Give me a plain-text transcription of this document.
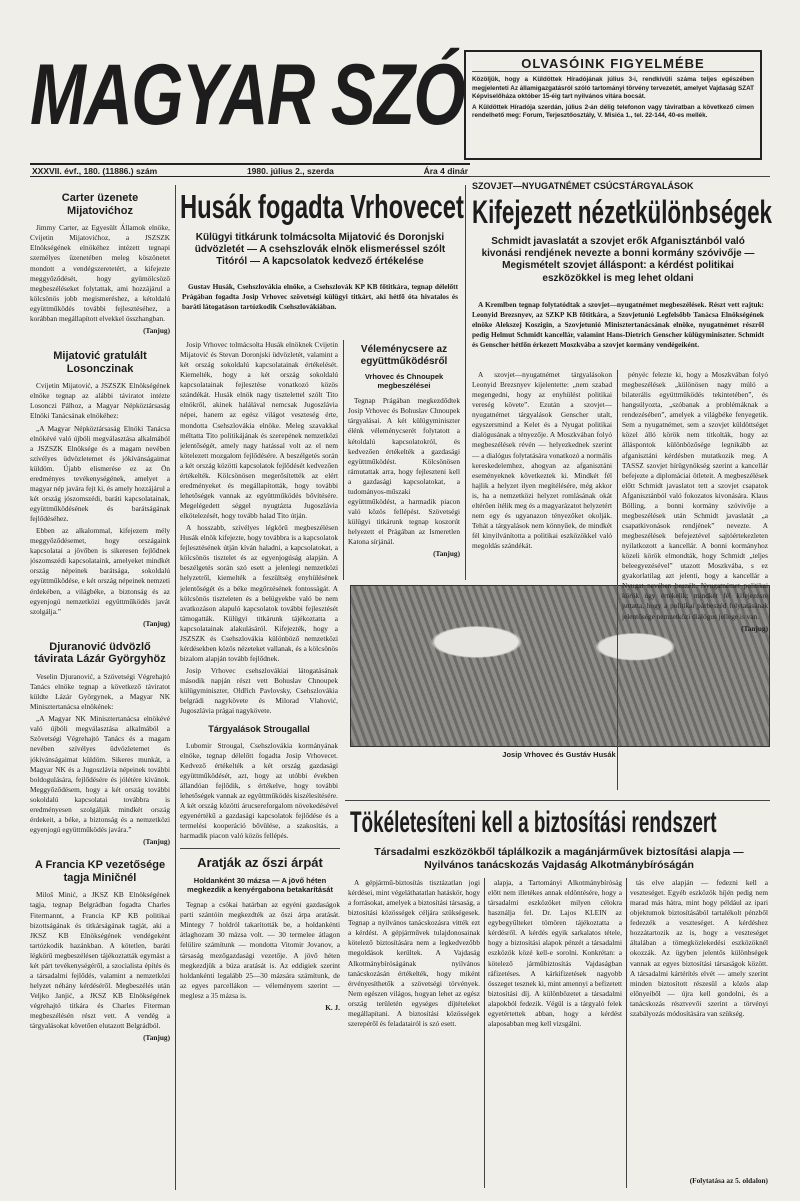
MAGYAR SZÓ	OLVASÓINK FIGYELMÉBE

Közöljük, hogy a Küldöttek Híradójának július 3-i, rendkívüli száma teljes egészében megjelenteti Az államigazgatásról szóló tartományi törvény tervezetét, amelyet Vajdaság SZAT Képviselőháza október 15-éig tart nyilvános vitára bocsát.

A Küldöttek Híradója szerdán, július 2-án délig telefonon vagy táviratban a következő címen rendelhető meg: Forum, Terjesztőosztály, V. Misića 1., tel. 22-144, 40-es mellék.

XXXVII. évf., 180. (11886.) szám	1980. július 2., szerda	Ára 4 dinár

Carter üzenete Mijatovićhoz

Jimmy Carter, az Egyesült Államok elnöke, Cvijetin Mijatovićhoz, a JSZSZK Elnökségének elnökéhez intézett tegnapi személyes üzenetében meleg köszönetet mondott a vendégszeretetért, a kifejezte meggyőződését, hogy gyümölcsöző megbeszéléseket folytattak, ami hozzájárul a kölcsönös jobb megismeréshez, a kétoldalú együttműködés további fejlesztéséhez, a korábban megállapított elvekkel összhangban.

(Tanjug)

Mijatović gratulált Losonczinak

Cvijetin Mijatović, a JSZSZK Elnökségének elnöke tegnap az alábbi táviratot intézte Losonczi Pálhoz, a Magyar Népköztársaság Elnöki Tanácsának elnökéhez:

„A Magyar Népköztársaság Elnöki Tanácsa elnökévé való újbóli megválasztása alkalmából a JSZSZK Elnöksége és a magam nevében szívélyes üdvözletemet és jókívánságaimat küldöm. Újabb elismerése ez az Ön eredményes tevékenységének, amelyet a magyar nép javára fejt ki, és amely hozzájárul a két ország jószomszédi, baráti kapcsolatainak, együttműködésének és barátságának fejlődéséhez.

Ebben az alkalommal, kifejezem mély meggyőződésemet, hogy országaink kapcsolatai a jövőben is sikeresen fejlődnek jószomszédi kapcsolataink, amelyeket mindkét ország népeinek barátsága, sokoldalú együttműködése, e két ország népeinek nemzeti érdekében, a világbéke, a biztonság és az egyenjogú nemzetközi együttműködés javát szolgálja.”

(Tanjug)

Djuranović üdvözlő távirata Lázár Györgyhöz

Veselin Djuranović, a Szövetségi Végrehajtó Tanács elnöke tegnap a következő táviratot küldte Lázár Györgynek, a Magyar NK Minisztertanácsa elnökének:

„A Magyar NK Minisztertanácsa elnökévé való újbóli megválasztása alkalmából a Szövetségi Végrehajtó Tanács és a magam nevében szívélyes üdvözletemet és jókívánságaimat küldöm. Sikeres munkát, a Magyar NK és a Jugoszlávia népeinek további boldogulására, fejlődésére és jólétére kívánok. Meggyőződésem, hogy a két ország további sokoldalú kapcsolatai továbbra is eredményesen szolgálják mindkét ország érdekeit, a béke, a biztonság és a nemzetközi egyenjogú együttműködés javára.”

(Tanjug)

A Francia KP vezetősége tagja Miničnél

Miloš Minić, a JKSZ KB Elnökségének tagja, tegnap Belgrádban fogadta Charles Fitermannt, a Francia KP KB politikai bizottságának és titkárságának tagját, aki a JKSZ KB Elnökségének vendégeként tartózkodik hazánkban. A kötetlen, baráti légkörű megbeszélésen tájékoztatták egymást a két párt tevékenységéről, a szocialista építés és a társadalmi fejlődés, valamint a nemzetközi helyzet néhány kérdéséről. Megbeszélés után Veljko Janjić, a JKSZ KB Elnökségének végrehajtó titkára és Charles Fiterman megbeszélésén részt vett. A vendég a tárgyalásokat követően elutazott Belgrádból.

(Tanjug)

Husák fogadta Vrhovecet
Külügyi titkárunk tolmácsolta Mijatović és Doronjski üdvözletét — A csehszlovák elnök elismeréssel szólt Titóról — A kapcsolatok kedvező értékelése
Gustav Husák, Csehszlovákia elnöke, a Csehszlovák KP KB főtitkára, tegnap délelőtt Prágában fogadta Josip Vrhovec szövetségi külügyi titkárt, aki hétfő óta hivatalos és baráti látogatáson tartózkodik Csehszlovákiában.

Josip Vrhovec tolmácsolta Husák elnöknek Cvijetin Mijatović és Stevan Doronjski üdvözletét, valamint a két ország sokoldalú kapcsolatainak értékelését. Kiemelték, hogy a két ország sokoldalú kapcsolatainak fejlesztése vonatkozó közös szándékát. Husák elnök nagy tisztelettel szólt Tito elnökről, akinek halálával nemcsak Jugoszlávia népei, hanem az egész világot veszteség érte, mondotta Csehszlovákia elnöke. Meleg szavakkal méltatta Tito politikájának és szerepének nemzetközi jelentőségét, amely nagy hatással volt az el nem kötelezett mozgalom fejlődésére. A beszélgetés során a két ország közötti kapcsolatok fejlődését kedvezően értékelték. Kölcsönösen megerősítették az elért eredményeket és megállapították, hogy további lehetőségek vannak az együttműködés bővítésére. Megelégedett séggel nyugtázta Jugoszlávia elkötelezését, hogy tovább halad Tito útján.

A hosszabb, szívélyes légkörű megbeszélésen Husák elnök kifejezte, hogy továbbra is a kapcsolatok fejlesztésének útján kíván haladni, a kapcsolatokat, a kölcsönös tisztelet és az egyenjogúság alapján. A beszélgetés során szó esett a jelenlegi nemzetközi helyzetről, kiemelték a feszültség enyhülésének jelentőségét és a béke megőrzésének fontosságát. A kölcsönös tiszteleten és a belügyekbe való be nem avatkozáson alapuló kapcsolatok további fejlesztését támogatták. Külügyi titkárunk tájékoztatta a kapcsolatainak alakulásáról. Kifejezték, hogy a JSZSZK és Csehszlovákia különböző nemzetközi kérdésekben közös nézeteket vallanak, és a kölcsönös bizalom alapján tovább fejlődnek.

Josip Vrhovec csehszlovákiai látogatásának második napján részt vett Bohuslav Chnoupek külügyminiszter, Oldřich Pavlovsky, Csehszlovákia belgrádi nagykövete és Milorad Vlahović, Jugoszlávia prágai nagykövete.

Tárgyalások Strougallal

Lubomir Strougal, Csehszlovákia kormányának elnöke, tegnap délelőtt fogadta Josip Vrhovecet. Kedvező értékelték a két ország gazdasági együttműködését, azt, hogy az utóbbi években állandóan fejlődik, s értékelve, hogy további lehetőségek vannak az együttműködés kiszélesítésére. A két ország közötti árucsereforgalom növekedésével egyenértékű a gazdasági kapcsolatok fejlődése és a termelési kooperáció bővülése, a szakosítás, a harmadik piacon való közös fellépés.

Véleménycsere az együttműködésről

Vrhovec és Chnoupek megbeszélései

Tegnap Prágában megkezdődtek Josip Vrhovec és Bohuslav Chnoupek tárgyalásai. A két külügyminiszter élénk véleménycserét folytatott a kétoldalú kapcsolatokról, és kedvezően értékelték a gazdasági együttműködést. Kölcsönösen rámutattak arra, hogy fejleszteni kell a gazdasági kapcsolatokat, a tudományos-műszaki együttműködést, a harmadik piacon való közös fellépést. Szövetségi külügyi titkárunk tegnap koszorút helyezett el Prágában az Ismeretlen Katona sírjánál.

(Tanjug)

Josip Vrhovec és Gustáv Husák

Aratják az őszi árpát

Holdanként 30 mázsa — A jövő héten megkezdik a kenyérgabona betakarítását

Tegnap a csókai határban az egyéni gazdaságok parti szántóin megkezdték az őszi árpa aratását. Mintegy 7 holdról takarították be, a holdankénti átlaghozam 30 mázsa volt. — 30 termelee átlagon felülire számítunk — mondotta Vitomir Jovanov, a társaság mezőgazdasági vezetője. A jövő héten megkezdjük a búza aratását is. Az eddigiek szerint holdankénti legalább 25—30 mázsára számítunk, de az egyes parcellákon — véleményem szerint — meglesz a 35 mázsa is.

K. J.

SZOVJET—NYUGATNÉMET CSÚCSTÁRGYALÁSOK
Kifejezett nézetkülönbségek
Schmidt javaslatát a szovjet erők Afganisztánból való kivonási rendjének nevezte a bonni kormány szóvivője — Megismételt szovjet álláspont: a kérdést politikai eszközökkel is meg lehet oldani
A Kremlben tegnap folytatódtak a szovjet—nyugatnémet megbeszélések. Részt vett rajtuk: Leonyid Brezsnyev, az SZKP KB főtitkára, a Szovjetunió Legfelsőbb Tanácsa Elnökségének elnöke Alekszej Koszigin, a Szovjetunió Minisztertanácsának elnöke, nyugatnémet részről pedig Helmut Schmidt kancellár, valamint Hans-Dietrich Genscher külügyminiszter. Schmidt és Genscher hétfőn érkezett Moszkvába a szovjet kormány vendégeiként.

A szovjet—nyugatnémet tárgyalásokon Leonyid Brezsnyev kijelentette: „nem szabad megengedni, hogy az enyhülést politikai vereség követe”. Ezután a szovjet—nyugatnémet tárgyalások Genscher utalt, egyszersmind a Kelet és a Nyugat politikai dialógusának a tényezője. A Moszkvában folyó megbeszélések révén — helyezkednek szerint — a dialógus folytatására vonatkozó a normális kereskedelemhez, ahogyan az afganisztáni eseményeknek következtek ki. Mindkét fél hajlik a helyzet ilyen megítélésére, még akkor is, ha a nemzetközi helyzet romlásának okát eltérően ítélik meg és a magyarázatot helyzetért nem egy és ugyanazon tényezőket okolják. Tehát a tárgyalások nem könnyűek, de mindkét fél kinyilvánította a politikai eszközökkel való megoldás szándékát.

pényéc felezte ki, hogy a Moszkvában folyó megbeszélések „különösen nagy múló a bilaterális együttműködés tekintetében”, és hangsúlyozta, „szóbanak a problémáknak a rendezésében”, amelyek a világbéke fenyegetik. Sem a nyugatnémet, sem a szovjet küldöttséget közel álló körök nem titkolták, hogy az álláspontok különbözősége legnikább az afganisztáni kérdésben mutatkozik meg. A TASSZ szovjet hírügynökség szerint a kancellár befejezte a diplomáciai ötleteit. A megbeszélések előtt Schmidt javaslatot tett a szovjet csapatok Afganisztánból való fokozatos kivonására. Klaus Bölling, a bonni kormány szóvivője a megbeszélések után Schmidt javaslatát „a csapatkivonások rendjének” nevezte. A megbeszélések befejeztével sajtóértekezleten nyilatkozott a kancellár. A bonni kormányhoz közeli körök elmondták, hogy Schmidt „teljes beleegyezésével” utazott Moszkvába, s ez gyakorlatilag azt jelenti, hogy a kancellár a Nyugat nevében beszélt. Nyugatnémet politikai körök úgy értékelik: mindkét fél kifejezésre juttatta, hogy a politikai párbeszéd folytatásának jelentősége nemzetközi dialógus jellege is van.

(Tanjug)

Tökéletesíteni kell a biztosítási rendszert
Társadalmi eszközökből táplálkozik a magánjárművek biztosítási alapja — Nyilvános tanácskozás Vajdaság Alkotmánybíróságán

A gépjármű-biztosítás tisztázatlan jogi kérdései, mint végeláthatatlan hatáskör, hogy a forrásokat, amelyek a biztosítási társaság, a biztosítási közösségek céljára szükségesek. Tegnap a nyilvános tanácskozásra vitték ezt a kérdést. A gépjárművek tulajdonosainak kötelező biztosítására nem a legkedvezőbb megoldások kerültek. A Vajdaság Alkotmánybíróságának nyilvános tanácskozásán értékelték, hogy miként érvényesíthetők a szövetségi törvények. Nem egészen világos, hogyan lehet az egész ország területén egységes díjtételeket megállapítani. A biztosítási közösségek szerepéről és feladatairól is szó esett.

alapja, a Tartományi Alkotmánybíróság előtt nem illetékes annak eldöntésére, hogy a társadalmi eszközöket milyen célokra használja fel. Dr. Lajos KLEIN az egybegyűlteket tömören tájékoztatta a kérdésről. A kérdés egyik sarkalatos tétele, hogy a biztosítási alapok pénzét a társadalmi eszközök közé kell-e sorolni. Konkrétan: a kötelező járműbiztosítás Vajdaságban ráfizetéses. A kárkifizetések nagyobb összeget tesznek ki, mint amennyi a befizetett biztosítási díj. A különbözetet a társadalmi alapokból fedezik. Végül is a tárgyaló felek egyetértettek abban, hogy a kérdést alaposabban meg kell vizsgálni.

tás elve alapján — fedezni kell a veszteséget. Egyéb eszközök híjén pedig nem marad más hátra, mint hogy például az ipari objektumok biztosításából tartalékolt pénzből fedezzék a veszteséget. A kérdéshez hozzátartozik az is, hogy a veszteséget általában a tömegközlekedési eszközöknél okozzák. Az ügyben jelentős különbségek vannak az egyes biztosítási társaságok között. A társadalmi kártérítés elvét — amely szerint minden biztosított részesül a közös alap előnyeiből — újra kell gondolni, és a tanácskozás résztvevői szerint a törvényi szabályozás módosítására van szükség.

(Folytatása az 5. oldalon)
